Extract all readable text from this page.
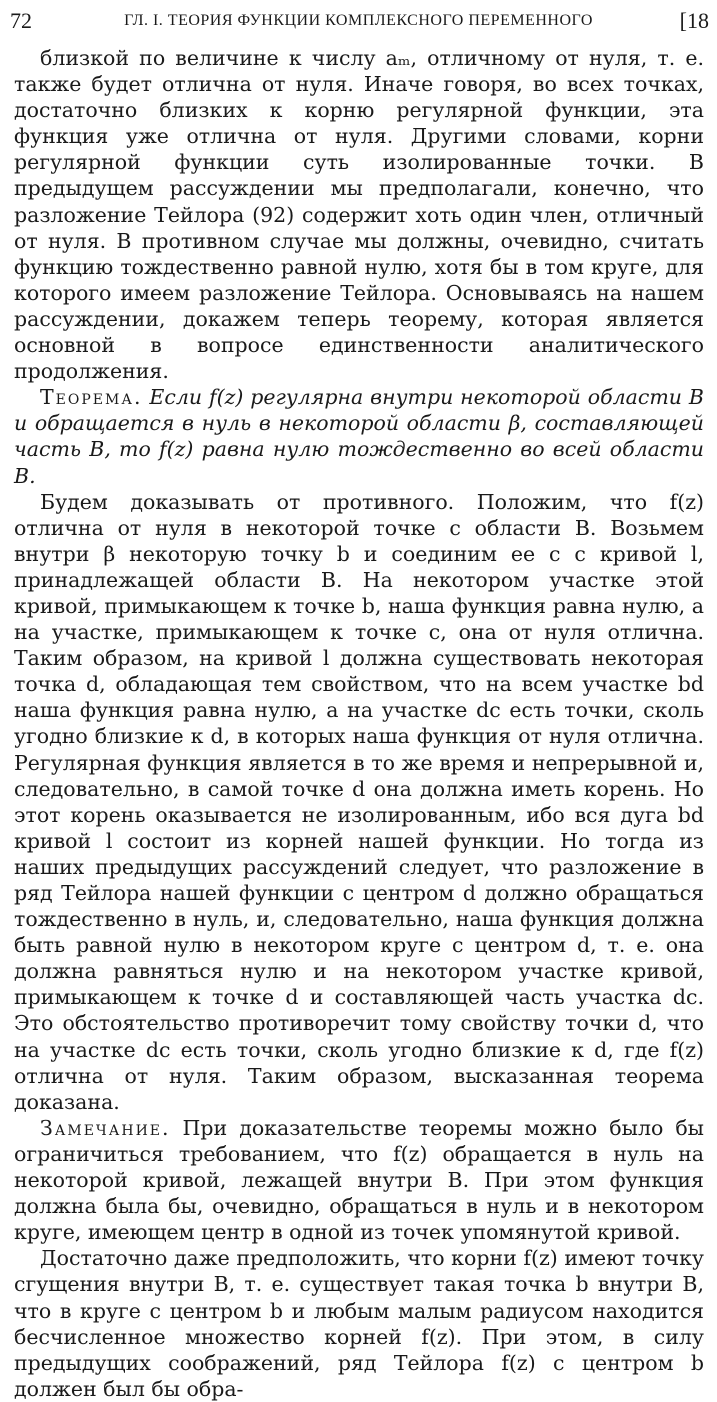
72	ГЛ. I. ТЕОРИЯ ФУНКЦИИ КОМПЛЕКСНОГО ПЕРЕМЕННОГО	[18

близкой по величине к числу aₘ, отличному от нуля, т. е. также будет отлична от нуля. Иначе говоря, во всех точках, достаточно близких к корню регулярной функции, эта функция уже отлична от нуля. Другими словами, корни регулярной функции суть изолированные точки. В предыдущем рассуждении мы предполагали, конечно, что разложение Тейлора (92) содержит хоть один член, отличный от нуля. В противном случае мы должны, очевидно, считать функцию тождественно равной нулю, хотя бы в том круге, для которого имеем разложение Тейлора. Основываясь на нашем рассуждении, докажем теперь теорему, которая является основной в вопросе единственности аналитического продолжения.

Теорема. Если f(z) регулярна внутри некоторой области B и обращается в нуль в некоторой области β, составляющей часть B, то f(z) равна нулю тождественно во всей области B.

Будем доказывать от противного. Положим, что f(z) отлична от нуля в некоторой точке c области B. Возьмем внутри β некоторую точку b и соединим ее с c кривой l, принадлежащей области B. На некотором участке этой кривой, примыкающем к точке b, наша функция равна нулю, а на участке, примыкающем к точке c, она от нуля отлична. Таким образом, на кривой l должна существовать некоторая точка d, обладающая тем свойством, что на всем участке bd наша функция равна нулю, а на участке dc есть точки, сколь угодно близкие к d, в которых наша функция от нуля отлична. Регулярная функция является в то же время и непрерывной и, следовательно, в самой точке d она должна иметь корень. Но этот корень оказывается не изолированным, ибо вся дуга bd кривой l состоит из корней нашей функции. Но тогда из наших предыдущих рассуждений следует, что разложение в ряд Тейлора нашей функции с центром d должно обращаться тождественно в нуль, и, следовательно, наша функция должна быть равной нулю в некотором круге с центром d, т. е. она должна равняться нулю и на некотором участке кривой, примыкающем к точке d и составляющей часть участка dc. Это обстоятельство противоречит тому свойству точки d, что на участке dc есть точки, сколь угодно близкие к d, где f(z) отлична от нуля. Таким образом, высказанная теорема доказана.

Замечание. При доказательстве теоремы можно было бы ограничиться требованием, что f(z) обращается в нуль на некоторой кривой, лежащей внутри B. При этом функция должна была бы, очевидно, обращаться в нуль и в некотором круге, имеющем центр в одной из точек упомянутой кривой.

Достаточно даже предположить, что корни f(z) имеют точку сгущения внутри B, т. е. существует такая точка b внутри B, что в круге с центром b и любым малым радиусом находится бесчисленное множество корней f(z). При этом, в силу предыдущих соображений, ряд Тейлора f(z) с центром b должен был бы обра-
